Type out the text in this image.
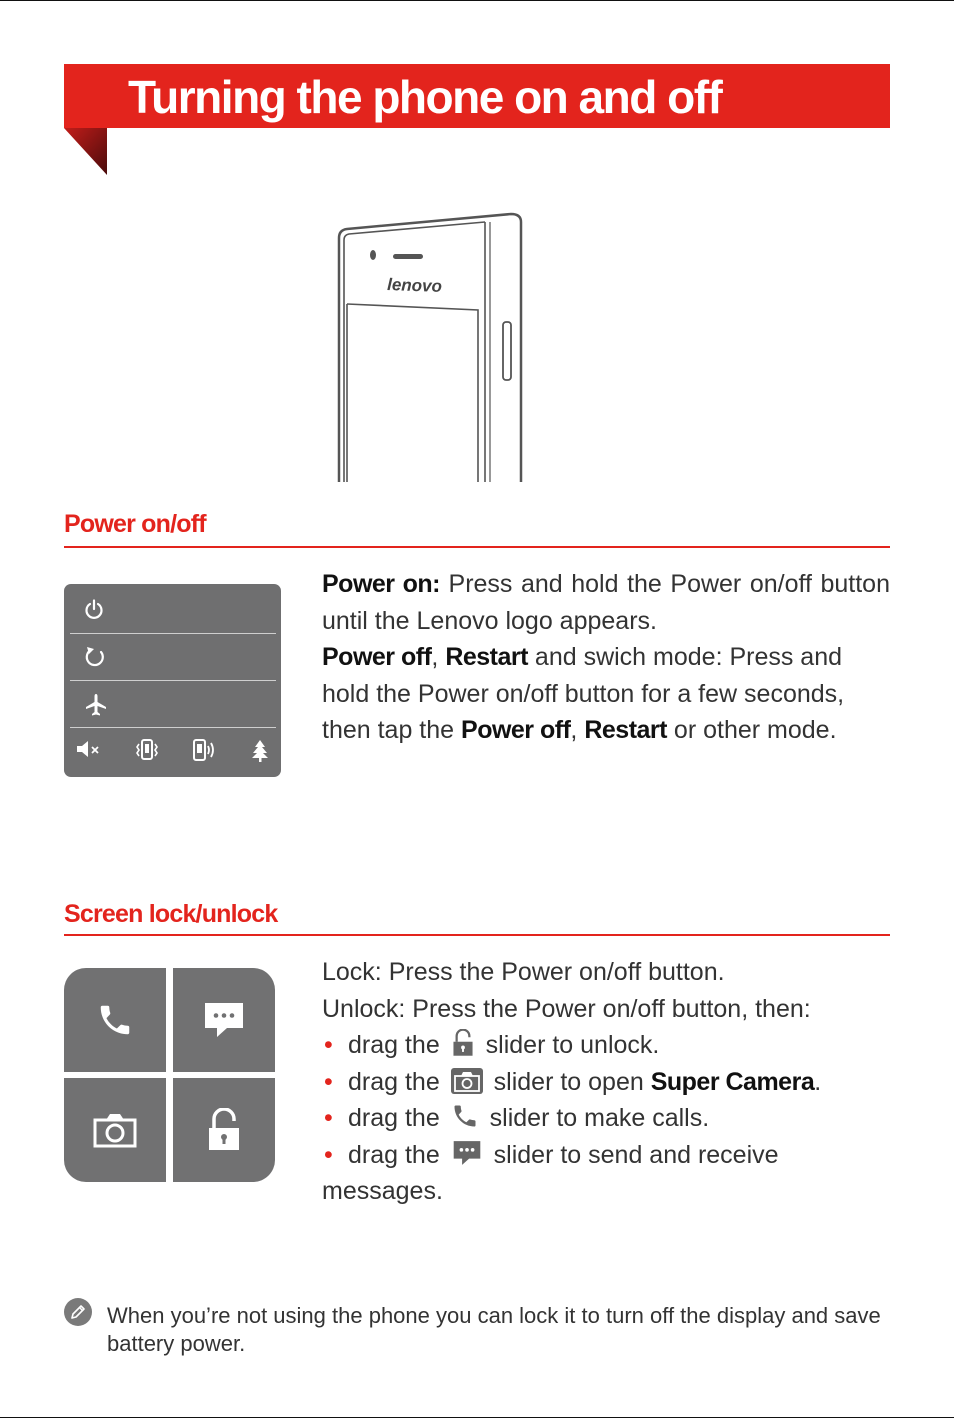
Turning the phone on and off
lenovo
Power on/off
Power on: Press and hold the Power on/off button until the Lenovo logo appears.
Power off, Restart and swich mode: Press and hold the Power on/off button for a few seconds, then tap the Power off, Restart or other mode.
Screen lock/unlock
Lock: Press the Power on/off button.
Unlock: Press the Power on/off button, then:
• drag the slider to unlock.
• drag the slider to open Super Camera.
• drag the slider to make calls.
• drag the slider to send and receive
messages.
When you’re not using the phone you can lock it to turn off the display and save battery power.
